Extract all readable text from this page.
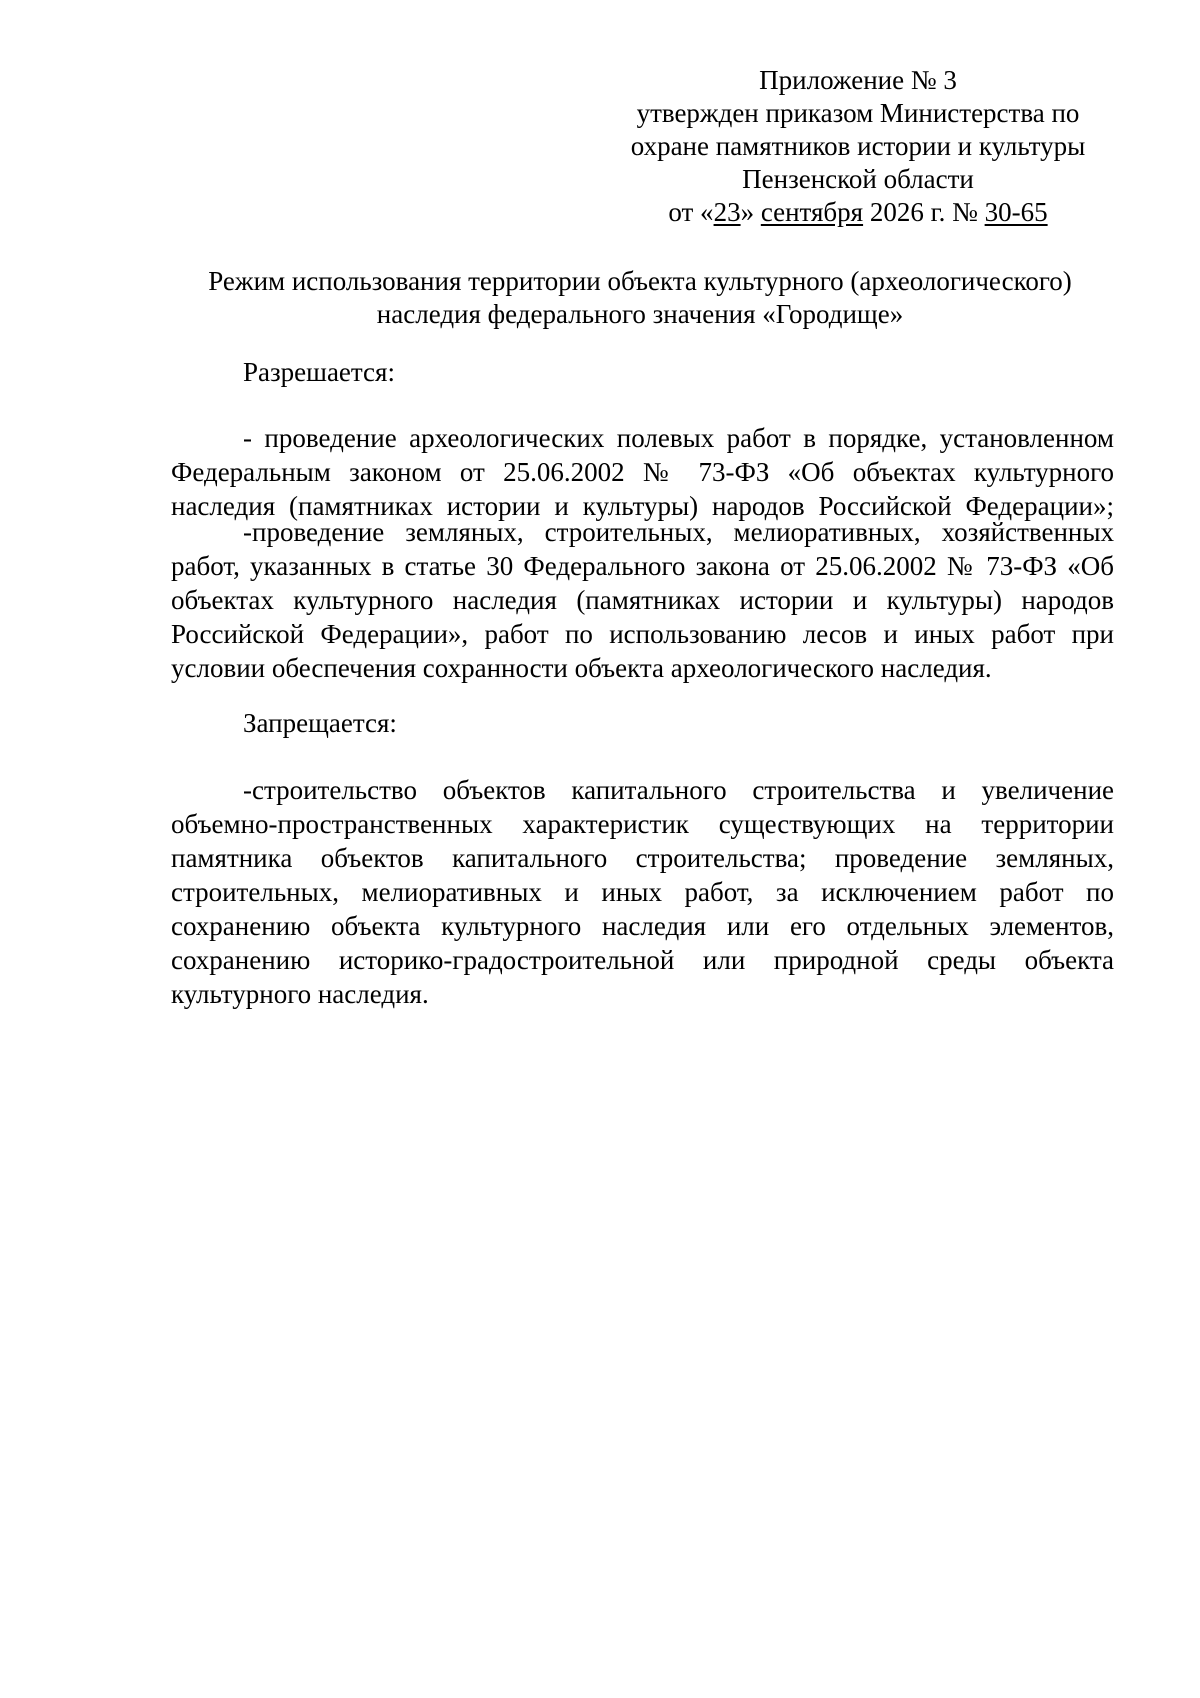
Приложение № 3
утвержден приказом Министерства по
охране памятников истории и культуры
Пензенской области
от «23» сентября 2026 г. № 30-65
Режим использования территории объекта культурного (археологического)
наследия федерального значения «Городище»
Разрешается:
- проведение археологических полевых работ в порядке, установленном
Федеральным законом от 25.06.2002 № 73-ФЗ «Об объектах культурного
наследия (памятниках истории и культуры) народов Российской Федерации»;
-проведение земляных, строительных, мелиоративных, хозяйственных
работ, указанных в статье 30 Федерального закона от 25.06.2002 № 73-ФЗ «Об
объектах культурного наследия (памятниках истории и культуры) народов
Российской Федерации», работ по использованию лесов и иных работ при
условии обеспечения сохранности объекта археологического наследия.
Запрещается:
-строительство объектов капитального строительства и увеличение
объемно-пространственных характеристик существующих на территории
памятника объектов капитального строительства; проведение земляных,
строительных, мелиоративных и иных работ, за исключением работ по
сохранению объекта культурного наследия или его отдельных элементов,
сохранению историко-градостроительной или природной среды объекта
культурного наследия.
